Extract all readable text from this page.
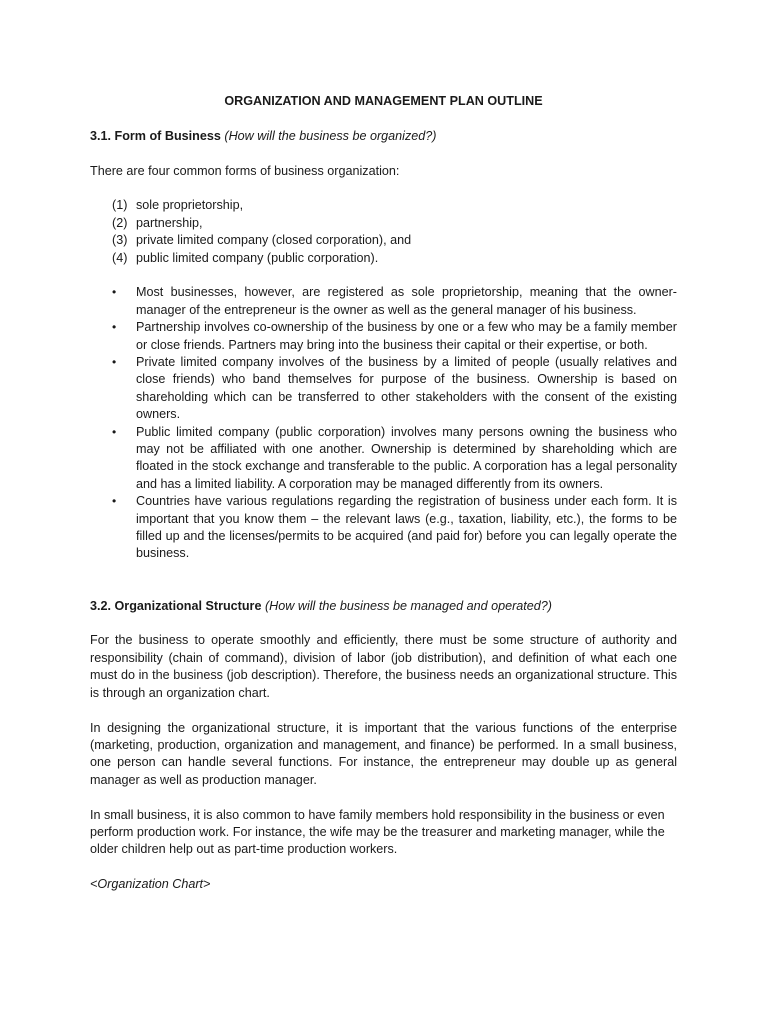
ORGANIZATION AND MANAGEMENT PLAN OUTLINE

3.1. Form of Business (How will the business be organized?)

There are four common forms of business organization:

(1) sole proprietorship,
(2) partnership,
(3) private limited company (closed corporation), and
(4) public limited company (public corporation).
• Most businesses, however, are registered as sole proprietorship, meaning that the owner-manager of the entrepreneur is the owner as well as the general manager of his business.
• Partnership involves co-ownership of the business by one or a few who may be a family member or close friends. Partners may bring into the business their capital or their expertise, or both.
• Private limited company involves of the business by a limited of people (usually relatives and close friends) who band themselves for purpose of the business. Ownership is based on shareholding which can be transferred to other stakeholders with the consent of the existing owners.
• Public limited company (public corporation) involves many persons owning the business who may not be affiliated with one another. Ownership is determined by shareholding which are floated in the stock exchange and transferable to the public. A corporation has a legal personality and has a limited liability. A corporation may be managed differently from its owners.
• Countries have various regulations regarding the registration of business under each form. It is important that you know them – the relevant laws (e.g., taxation, liability, etc.), the forms to be filled up and the licenses/permits to be acquired (and paid for) before you can legally operate the business.

3.2. Organizational Structure (How will the business be managed and operated?)

For the business to operate smoothly and efficiently, there must be some structure of authority and responsibility (chain of command), division of labor (job distribution), and definition of what each one must do in the business (job description). Therefore, the business needs an organizational structure. This is through an organization chart.

In designing the organizational structure, it is important that the various functions of the enterprise (marketing, production, organization and management, and finance) be performed. In a small business, one person can handle several functions. For instance, the entrepreneur may double up as general manager as well as production manager.

In small business, it is also common to have family members hold responsibility in the business or even perform production work. For instance, the wife may be the treasurer and marketing manager, while the older children help out as part-time production workers.

<Organization Chart>
